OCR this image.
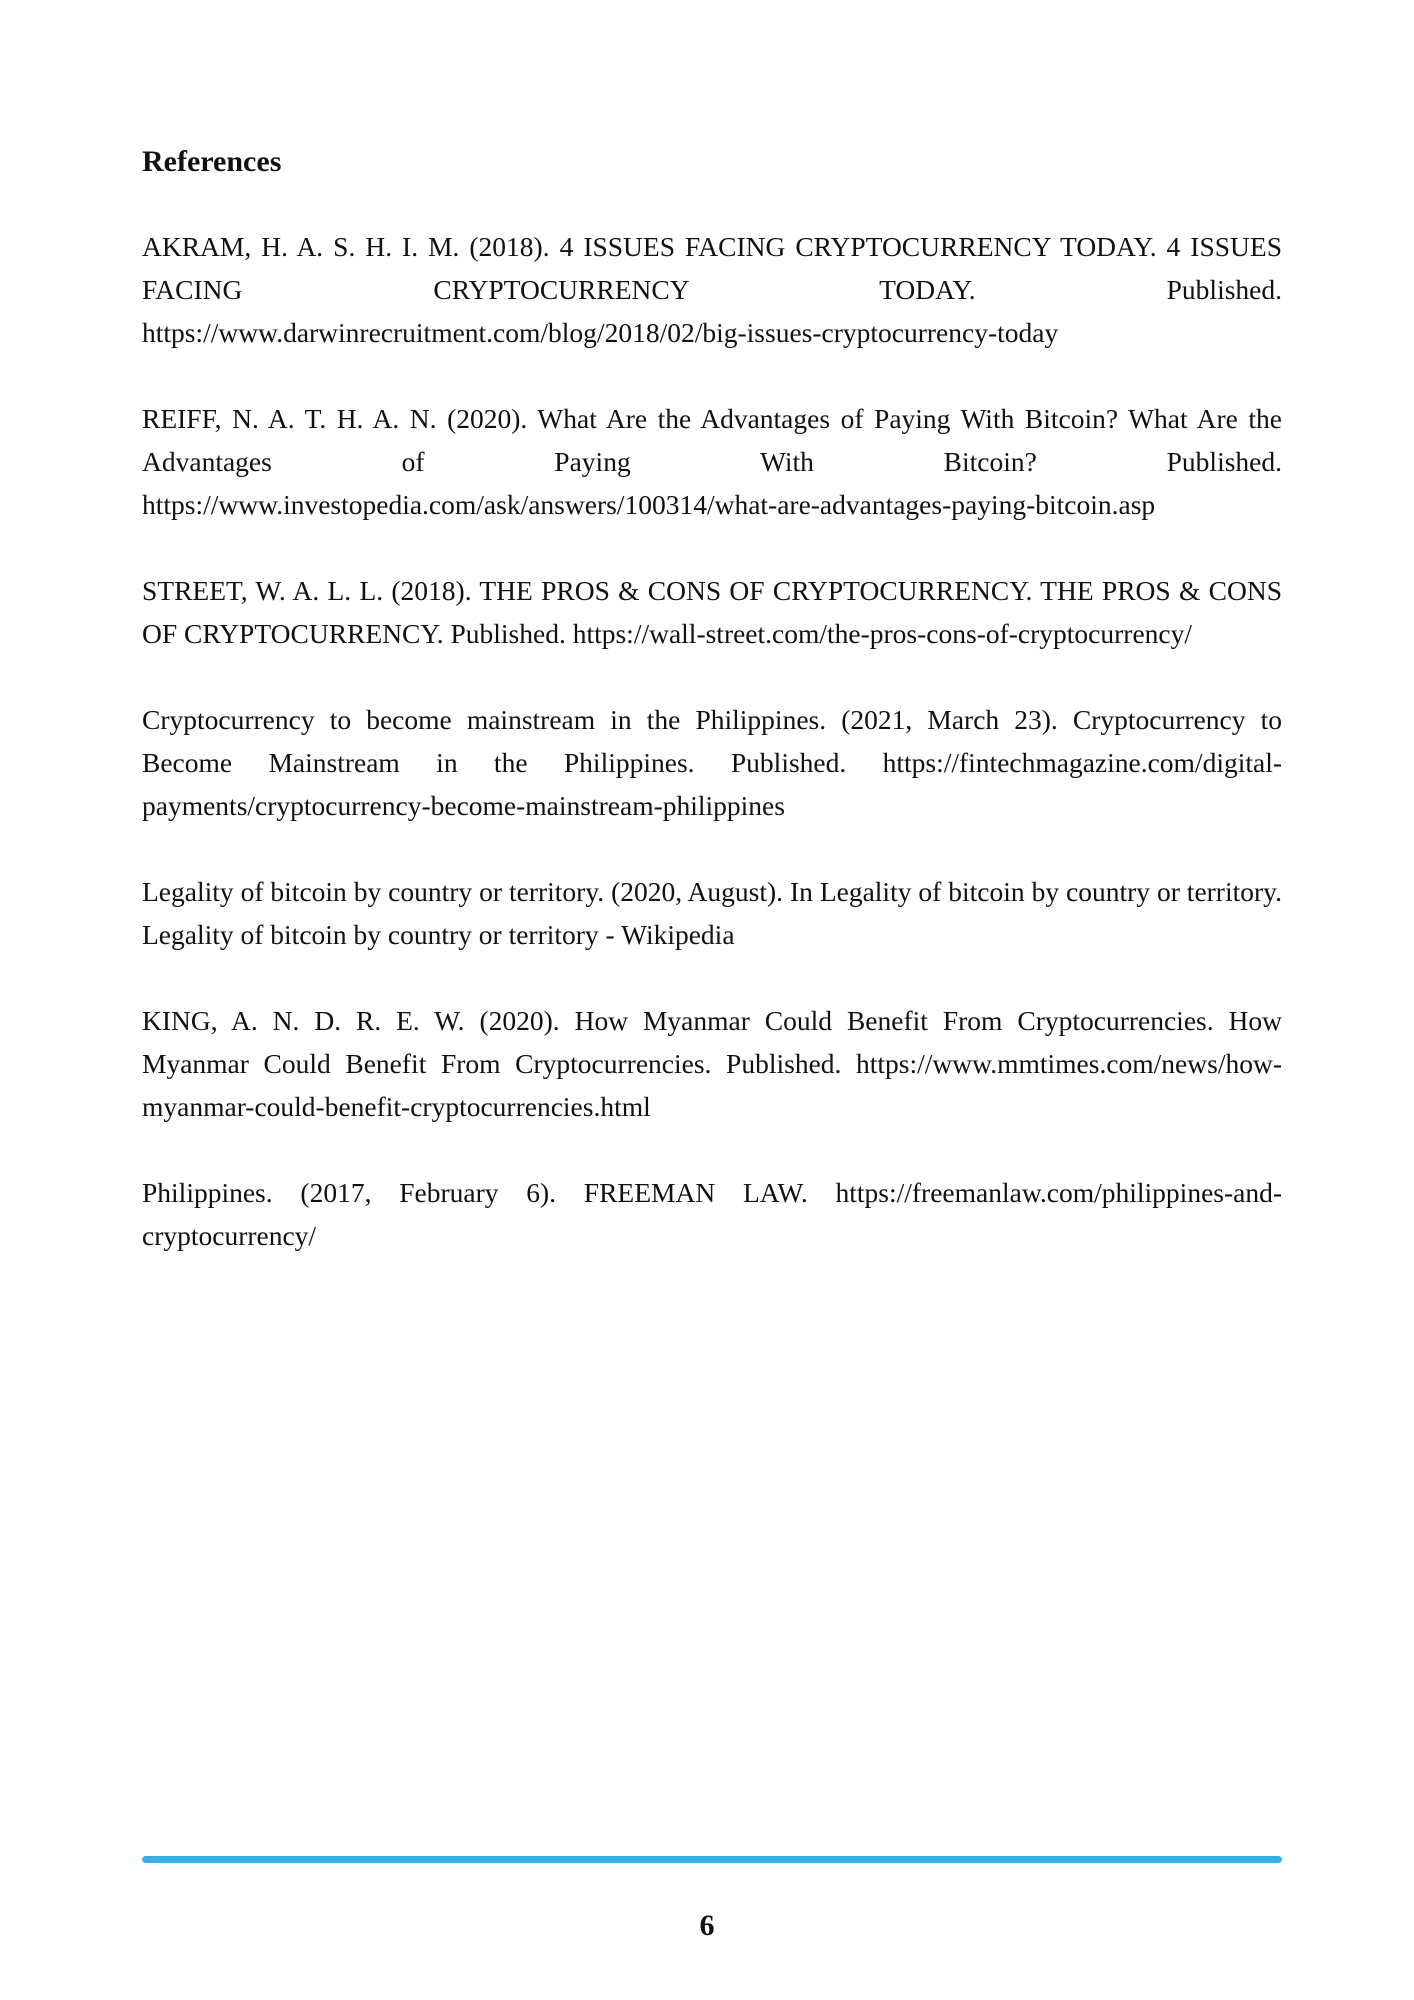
References
AKRAM, H. A. S. H. I. M. (2018). 4 ISSUES FACING CRYPTOCURRENCY TODAY. 4 ISSUES FACING CRYPTOCURRENCY TODAY. Published. https://www.darwinrecruitment.com/blog/2018/02/big-issues-cryptocurrency-today
REIFF, N. A. T. H. A. N. (2020). What Are the Advantages of Paying With Bitcoin? What Are the Advantages of Paying With Bitcoin? Published. https://www.investopedia.com/ask/answers/100314/what-are-advantages-paying-bitcoin.asp
STREET, W. A. L. L. (2018). THE PROS & CONS OF CRYPTOCURRENCY. THE PROS & CONS OF CRYPTOCURRENCY. Published. https://wall-street.com/the-pros-cons-of-cryptocurrency/
Cryptocurrency to become mainstream in the Philippines. (2021, March 23). Cryptocurrency to Become Mainstream in the Philippines. Published. https://fintechmagazine.com/digital-payments/cryptocurrency-become-mainstream-philippines
Legality of bitcoin by country or territory. (2020, August). In Legality of bitcoin by country or territory. Legality of bitcoin by country or territory - Wikipedia
KING, A. N. D. R. E. W. (2020). How Myanmar Could Benefit From Cryptocurrencies. How Myanmar Could Benefit From Cryptocurrencies. Published. https://www.mmtimes.com/news/how-myanmar-could-benefit-cryptocurrencies.html
Philippines. (2017, February 6). FREEMAN LAW. https://freemanlaw.com/philippines-and-cryptocurrency/
6
